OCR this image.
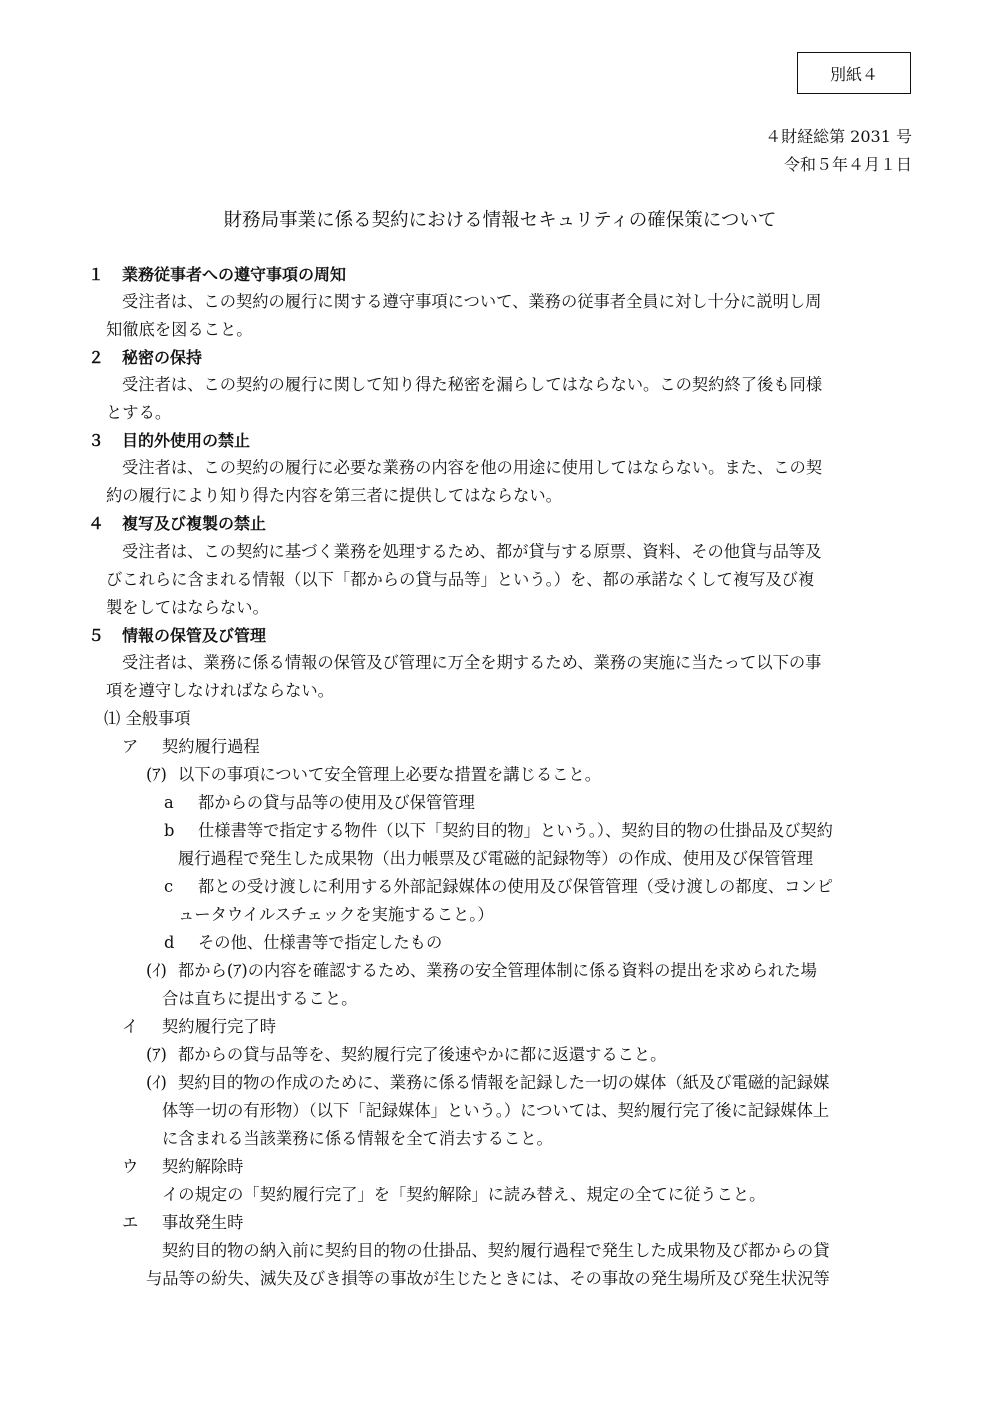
別紙４
４財経総第 2031 号
令和５年４月１日
財務局事業に係る契約における情報セキュリティの確保策について
１ 業務従事者への遵守事項の周知
受注者は、この契約の履行に関する遵守事項について、業務の従事者全員に対し十分に説明し周
知徹底を図ること。
２ 秘密の保持
受注者は、この契約の履行に関して知り得た秘密を漏らしてはならない。この契約終了後も同様
とする。
３ 目的外使用の禁止
受注者は、この契約の履行に必要な業務の内容を他の用途に使用してはならない。また、この契
約の履行により知り得た内容を第三者に提供してはならない。
４ 複写及び複製の禁止
受注者は、この契約に基づく業務を処理するため、都が貸与する原票、資料、その他貸与品等及
びこれらに含まれる情報（以下「都からの貸与品等」という。）を、都の承諾なくして複写及び複
製をしてはならない。
５ 情報の保管及び管理
受注者は、業務に係る情報の保管及び管理に万全を期するため、業務の実施に当たって以下の事
項を遵守しなければならない。
⑴ 全般事項
ア 契約履行過程
(ｱ) 以下の事項について安全管理上必要な措置を講じること。
a 都からの貸与品等の使用及び保管管理
b 仕様書等で指定する物件（以下「契約目的物」という。）、契約目的物の仕掛品及び契約
履行過程で発生した成果物（出力帳票及び電磁的記録物等）の作成、使用及び保管管理
c 都との受け渡しに利用する外部記録媒体の使用及び保管管理（受け渡しの都度、コンピ
ュータウイルスチェックを実施すること。）
d その他、仕様書等で指定したもの
(ｲ) 都から(ｱ)の内容を確認するため、業務の安全管理体制に係る資料の提出を求められた場
合は直ちに提出すること。
イ 契約履行完了時
(ｱ) 都からの貸与品等を、契約履行完了後速やかに都に返還すること。
(ｲ) 契約目的物の作成のために、業務に係る情報を記録した一切の媒体（紙及び電磁的記録媒
体等一切の有形物）（以下「記録媒体」という。）については、契約履行完了後に記録媒体上
に含まれる当該業務に係る情報を全て消去すること。
ウ 契約解除時
イの規定の「契約履行完了」を「契約解除」に読み替え、規定の全てに従うこと。
エ 事故発生時
契約目的物の納入前に契約目的物の仕掛品、契約履行過程で発生した成果物及び都からの貸
与品等の紛失、滅失及びき損等の事故が生じたときには、その事故の発生場所及び発生状況等
